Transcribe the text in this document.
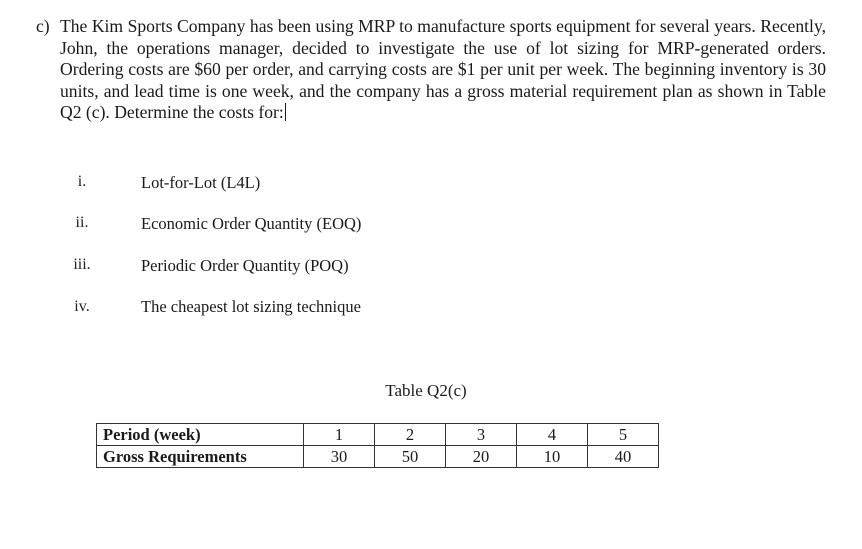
c) The Kim Sports Company has been using MRP to manufacture sports equipment for several years. Recently, John, the operations manager, decided to investigate the use of lot sizing for MRP-generated orders. Ordering costs are $60 per order, and carrying costs are $1 per unit per week. The beginning inventory is 30 units, and lead time is one week, and the company has a gross material requirement plan as shown in Table Q2 (c). Determine the costs for:
i.	Lot-for-Lot (L4L)
ii.	Economic Order Quantity (EOQ)
iii.	Periodic Order Quantity (POQ)
iv.	The cheapest lot sizing technique
Table Q2(c)
Period (week)	1	2	3	4	5
Gross Requirements	30	50	20	10	40
